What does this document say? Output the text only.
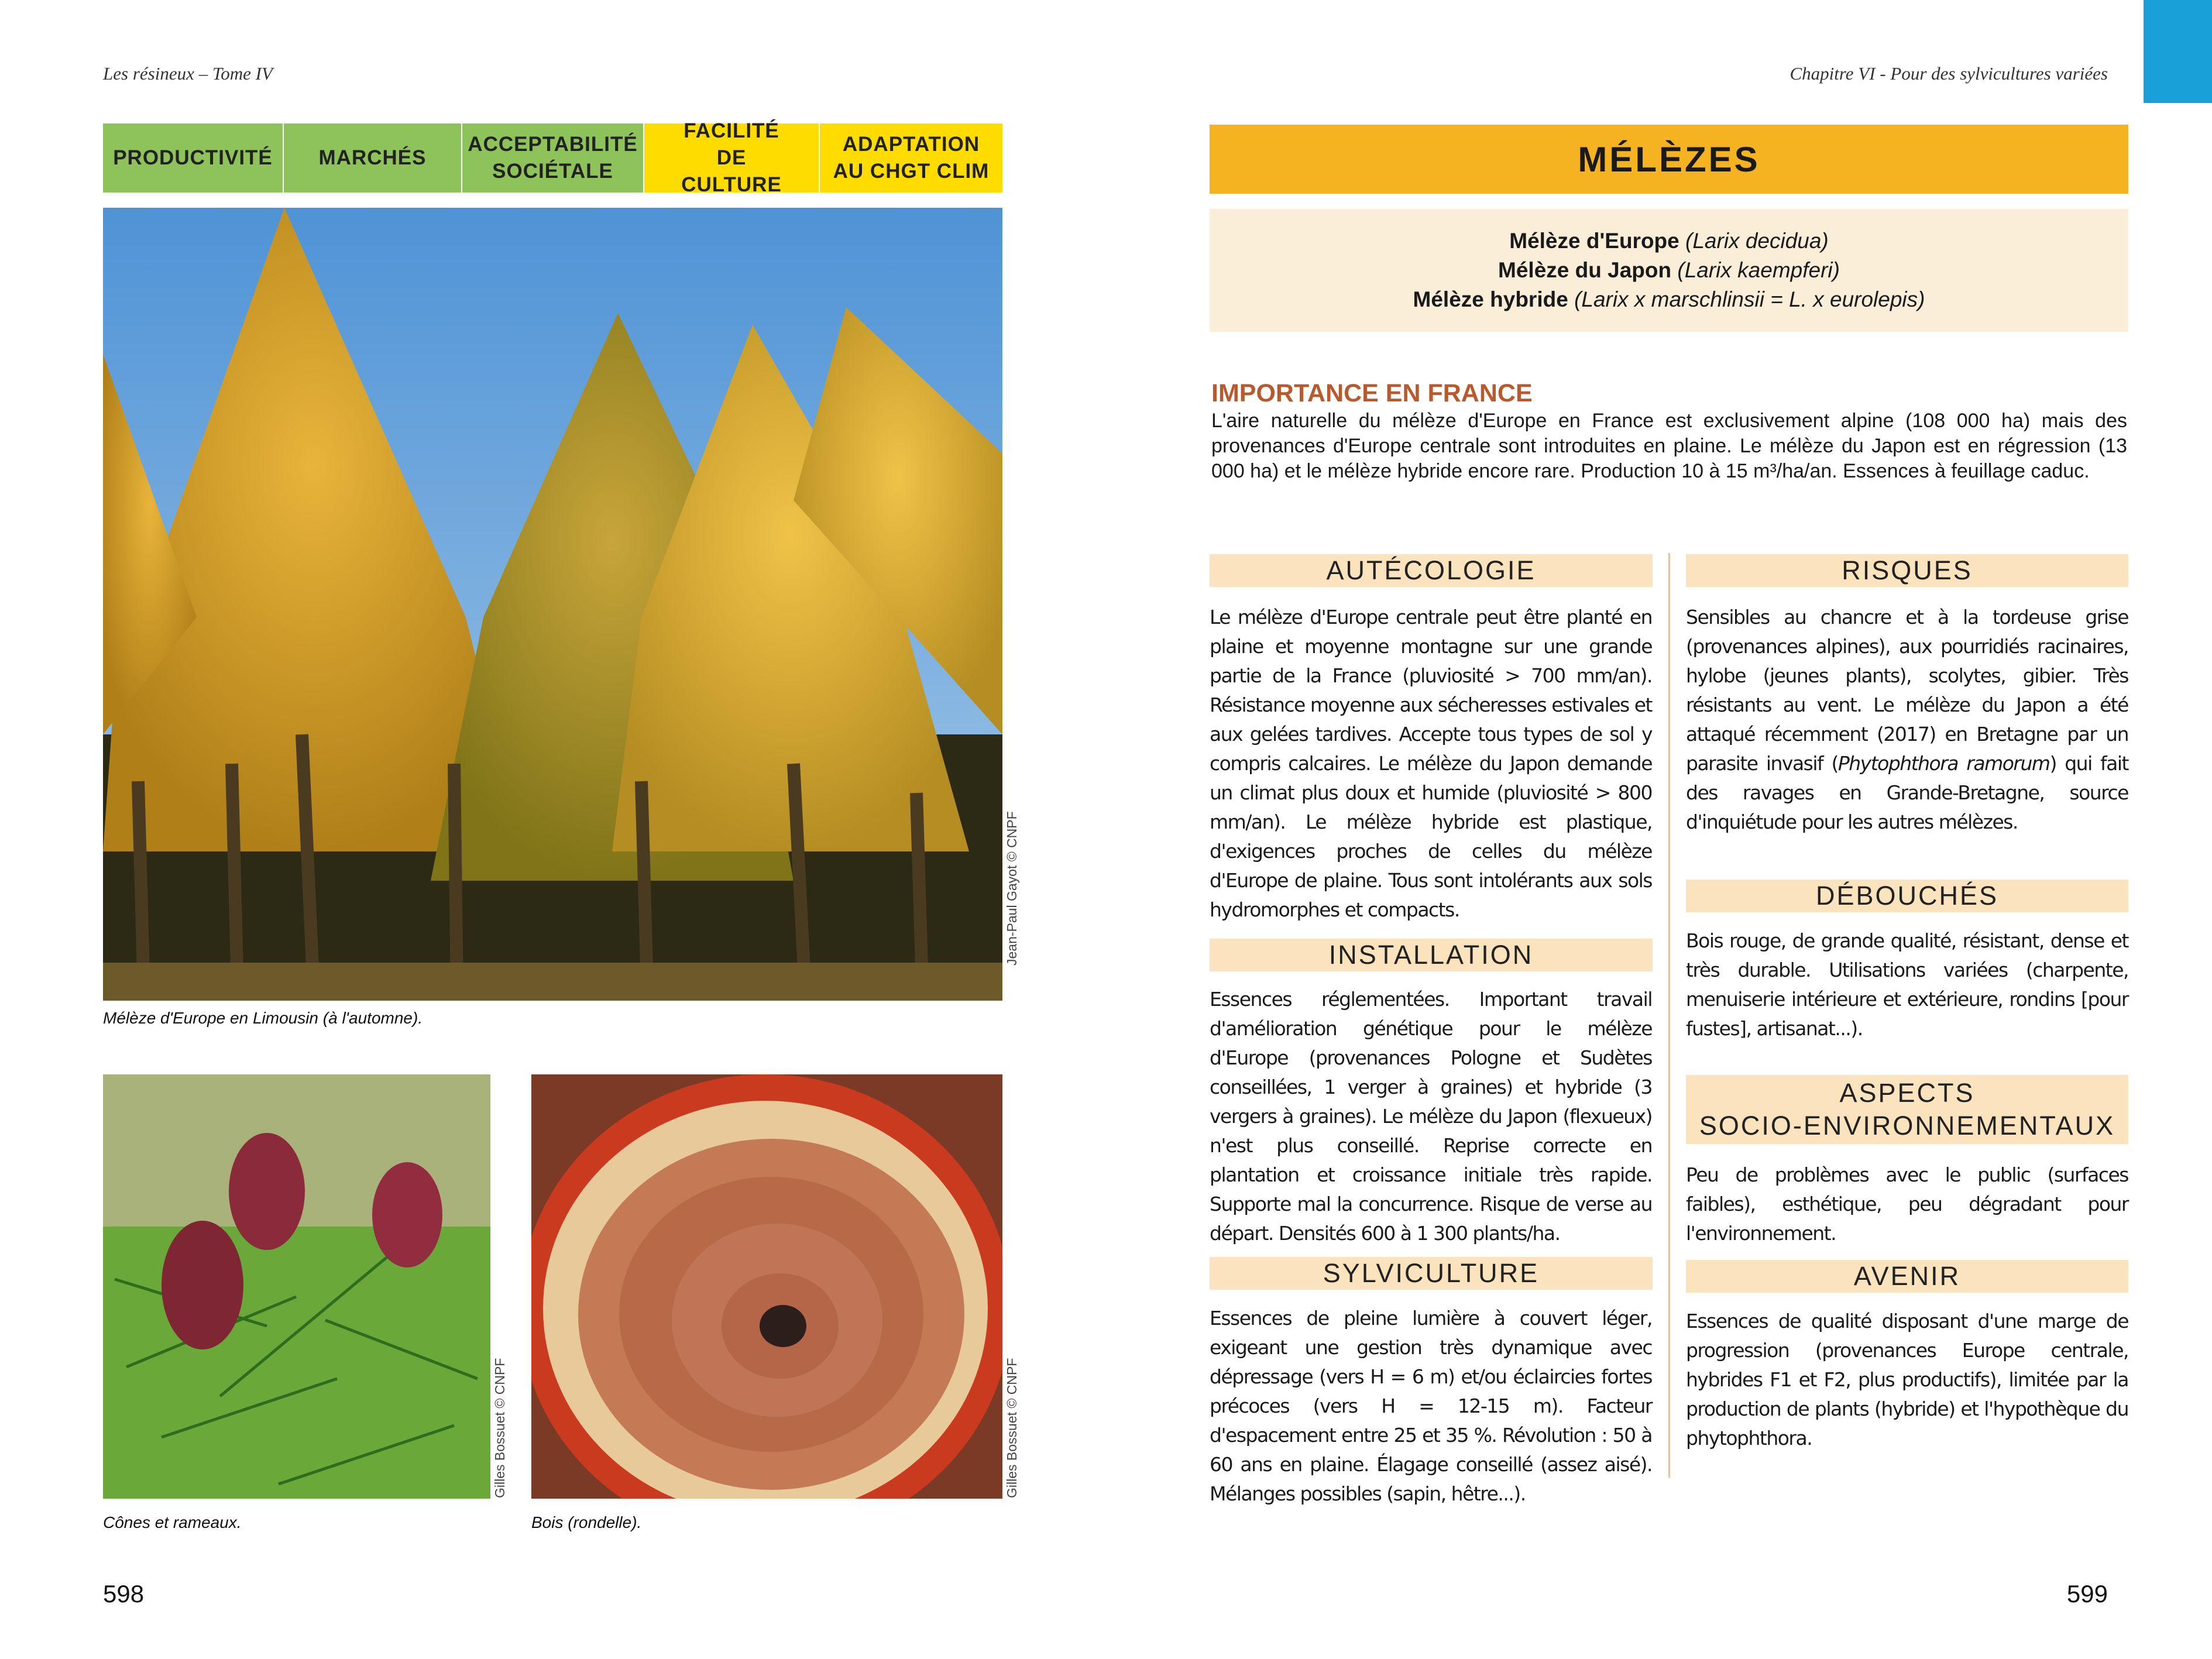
Les résineux – Tome IV	Chapitre VI - Pour des sylvicultures variées
PRODUCTIVITÉ	MARCHÉS
ACCEPTABILITÉ SOCIÉTALE
FACILITÉ DE CULTURE
ADAPTATION AU CHGT CLIM
Jean-Paul Gayot © CNPF
Mélèze d'Europe en Limousin (à l'automne).
Gilles Bossuet © CNPF
Cônes et rameaux.
Gilles Bossuet © CNPF
Bois (rondelle).
598	599
MÉLÈZES
Mélèze d'Europe (Larix decidua)
Mélèze du Japon (Larix kaempferi)
Mélèze hybride (Larix x marschlinsii = L. x eurolepis)
IMPORTANCE EN FRANCE
L'aire naturelle du mélèze d'Europe en France est exclusivement alpine (108 000 ha) mais des provenances d'Europe centrale sont introduites en plaine. Le mélèze du Japon est en régression (13 000 ha) et le mélèze hybride encore rare. Production 10 à 15 m³/ha/an. Essences à feuillage caduc.
AUTÉCOLOGIE
Le mélèze d'Europe centrale peut être planté en plaine et moyenne montagne sur une grande partie de la France (pluviosité > 700 mm/an). Résistance moyenne aux sécheresses estivales et aux gelées tardives. Accepte tous types de sol y compris calcaires. Le mélèze du Japon demande un climat plus doux et humide (pluviosité > 800 mm/an). Le mélèze hybride est plastique, d'exigences proches de celles du mélèze d'Europe de plaine. Tous sont intolérants aux sols hydromorphes et compacts.
INSTALLATION
Essences réglementées. Important travail d'amélioration génétique pour le mélèze d'Europe (provenances Pologne et Sudètes conseillées, 1 verger à graines) et hybride (3 vergers à graines). Le mélèze du Japon (flexueux) n'est plus conseillé. Reprise correcte en plantation et croissance initiale très rapide. Supporte mal la concurrence. Risque de verse au départ. Densités 600 à 1 300 plants/ha.
SYLVICULTURE
Essences de pleine lumière à couvert léger, exigeant une gestion très dynamique avec dépressage (vers H = 6 m) et/ou éclaircies fortes précoces (vers H = 12-15 m). Facteur d'espacement entre 25 et 35 %. Révolution : 50 à 60 ans en plaine. Élagage conseillé (assez aisé). Mélanges possibles (sapin, hêtre...).
RISQUES
Sensibles au chancre et à la tordeuse grise (provenances alpines), aux pourridiés racinaires, hylobe (jeunes plants), scolytes, gibier. Très résistants au vent. Le mélèze du Japon a été attaqué récemment (2017) en Bretagne par un parasite invasif (Phytophthora ramorum) qui fait des ravages en Grande-Bretagne, source d'inquiétude pour les autres mélèzes.
DÉBOUCHÉS
Bois rouge, de grande qualité, résistant, dense et très durable. Utilisations variées (charpente, menuiserie intérieure et extérieure, rondins [pour fustes], artisanat...).
ASPECTS
SOCIO-ENVIRONNEMENTAUX
Peu de problèmes avec le public (surfaces faibles), esthétique, peu dégradant pour l'environnement.
AVENIR
Essences de qualité disposant d'une marge de progression (provenances Europe centrale, hybrides F1 et F2, plus productifs), limitée par la production de plants (hybride) et l'hypothèque du phytophthora.
